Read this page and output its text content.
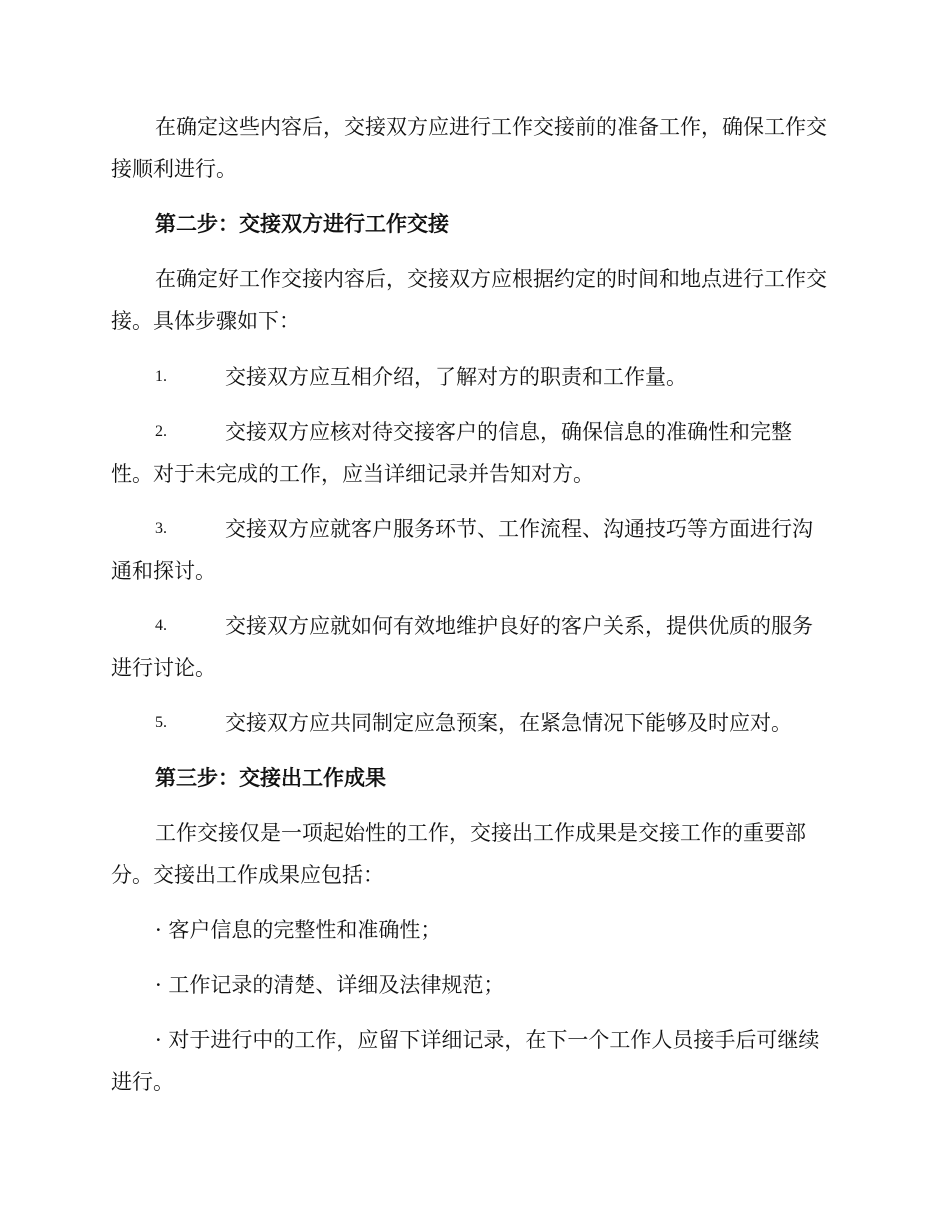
在确定这些内容后，交接双方应进行工作交接前的准备工作，确保工作交接顺利进行。
第二步：交接双方进行工作交接
在确定好工作交接内容后，交接双方应根据约定的时间和地点进行工作交接。具体步骤如下：
1.	交接双方应互相介绍，了解对方的职责和工作量。
2.	交接双方应核对待交接客户的信息，确保信息的准确性和完整性。对于未完成的工作，应当详细记录并告知对方。
3.	交接双方应就客户服务环节、工作流程、沟通技巧等方面进行沟通和探讨。
4.	交接双方应就如何有效地维护良好的客户关系，提供优质的服务进行讨论。
5.	交接双方应共同制定应急预案，在紧急情况下能够及时应对。
第三步：交接出工作成果
工作交接仅是一项起始性的工作，交接出工作成果是交接工作的重要部分。交接出工作成果应包括：
· 客户信息的完整性和准确性；
· 工作记录的清楚、详细及法律规范；
· 对于进行中的工作，应留下详细记录，在下一个工作人员接手后可继续进行。
